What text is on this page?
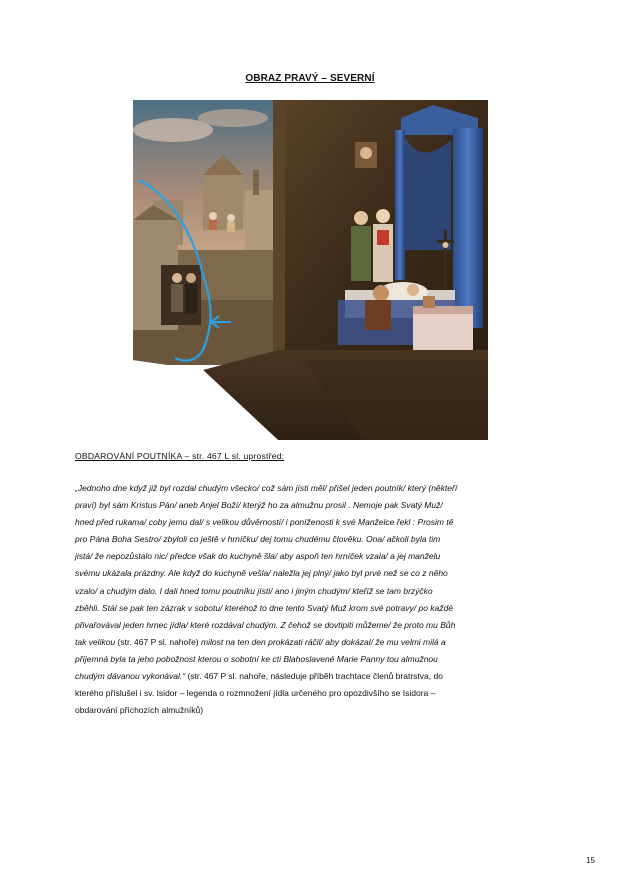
OBRAZ PRAVÝ – SEVERNÍ
OBDAROVÁNÍ POUTNÍKA – str. 467 L sl. uprostřed:
„Jednoho dne když již byl rozdal chudým všecko/ což sám jísti měl/ přišel jeden poutník/ který (někteří
praví) byl sám Kristus Pán/ aneb Anjel Boží/ kterýž ho za almužnu prosil . Nemoje pak Svatý Muž/
hned před rukama/ coby jemu dal/ s velikou důvěrností/ i poníženosti k své Manželce řekl : Prosim tě
pro Pána Boha Sestro/ zbyloli co ještě v hrníčku/ dej tomu chudému člověku. Ona/ ačkoli byla tim
jistá/ že nepozůstalo nic/ předce však do kuchyně šla/ aby aspoň ten hrníček vzala/ a jej manželu
svému ukázala prázdny. Ale když do kuchyně vešla/ naležla jej plný/ jako byl prvé než se co z něho
vzalo/ a chudým dalo. I dali hned tomu poutníku jísti/ ano i jiným chudým/ kteříž se tam brzýčko
zběhli. Stál se pak ten zázrak v sobotu/ kteréhož to dne tento Svatý Muž krom své potravy/ po každé
přivařovával jeden hrnec jídla/ které rozdával chudým. Z čehož se dovtipiti můžeme/ že proto mu Bůh
tak velikou (str. 467 P sl. nahoře) milost na ten den prokázati ráčil/ aby dokázal/ že mu velmi milá a
příjemná byla ta jeho pobožnost kterou o sobotní ke cti Blahoslavené Marie Panny tou almužnou
chudým dávanou vykonával.“ (str. 467 P sl. nahoře, následuje příběh trachtace členů bratrstva, do
kterého příslušel i sv. Isidor – legenda o rozmnožení jídla určeného pro opozdivšího se Isidora –
obdarování příchozích almužníků)
15
